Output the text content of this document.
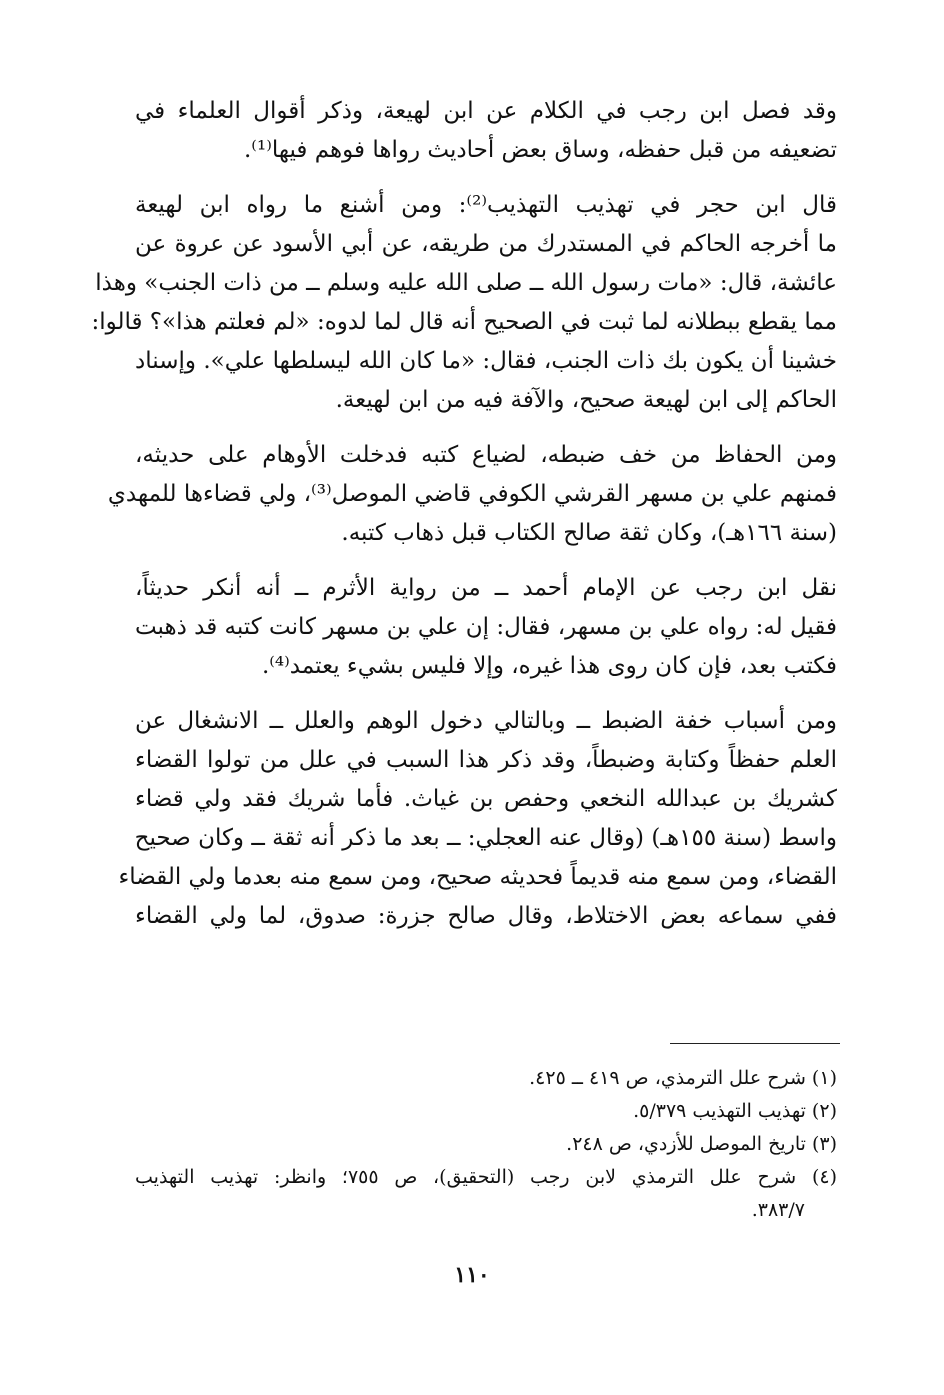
وقد فصل ابن رجب في الكلام عن ابن لهيعة، وذكر أقوال العلماء في
تضعيفه من قبل حفظه، وساق بعض أحاديث رواها فوهم فيها⁽¹⁾.
قال ابن حجر في تهذيب التهذيب⁽²⁾: ومن أشنع ما رواه ابن لهيعة
ما أخرجه الحاكم في المستدرك من طريقه، عن أبي الأسود عن عروة عن
عائشة، قال: «مات رسول الله ــ صلى الله عليه وسلم ــ من ذات الجنب» وهذا
مما يقطع ببطلانه لما ثبت في الصحيح أنه قال لما لدوه: «لم فعلتم هذا»؟ قالوا:
خشينا أن يكون بك ذات الجنب، فقال: «ما كان الله ليسلطها علي». وإسناد
الحاكم إلى ابن لهيعة صحيح، والآفة فيه من ابن لهيعة.
ومن الحفاظ من خف ضبطه، لضياع كتبه فدخلت الأوهام على حديثه،
فمنهم علي بن مسهر القرشي الكوفي قاضي الموصل⁽³⁾، ولي قضاءها للمهدي
(سنة ١٦٦هـ)، وكان ثقة صالح الكتاب قبل ذهاب كتبه.
نقل ابن رجب عن الإمام أحمد ــ من رواية الأثرم ــ أنه أنكر حديثاً،
فقيل له: رواه علي بن مسهر، فقال: إن علي بن مسهر كانت كتبه قد ذهبت
فكتب بعد، فإن كان روى هذا غيره، وإلا فليس بشيء يعتمد⁽⁴⁾.
ومن أسباب خفة الضبط ــ وبالتالي دخول الوهم والعلل ــ الانشغال عن
العلم حفظاً وكتابة وضبطاً، وقد ذكر هذا السبب في علل من تولوا القضاء
كشريك بن عبدالله النخعي وحفص بن غياث. فأما شريك فقد ولي قضاء
واسط (سنة ١٥٥هـ) (وقال عنه العجلي: ــ بعد ما ذكر أنه ثقة ــ وكان صحيح
القضاء، ومن سمع منه قديماً فحديثه صحيح، ومن سمع منه بعدما ولي القضاء
ففي سماعه بعض الاختلاط، وقال صالح جزرة: صدوق، لما ولي القضاء
(١) شرح علل الترمذي، ص ٤١٩ ــ ٤٢٥.
(٢) تهذيب التهذيب ٥/٣٧٩.
(٣) تاريخ الموصل للأزدي، ص ٢٤٨.
(٤) شرح علل الترمذي لابن رجب (التحقيق)، ص ٧٥٥؛ وانظر: تهذيب التهذيب
٣٨٣/٧.
١١٠
